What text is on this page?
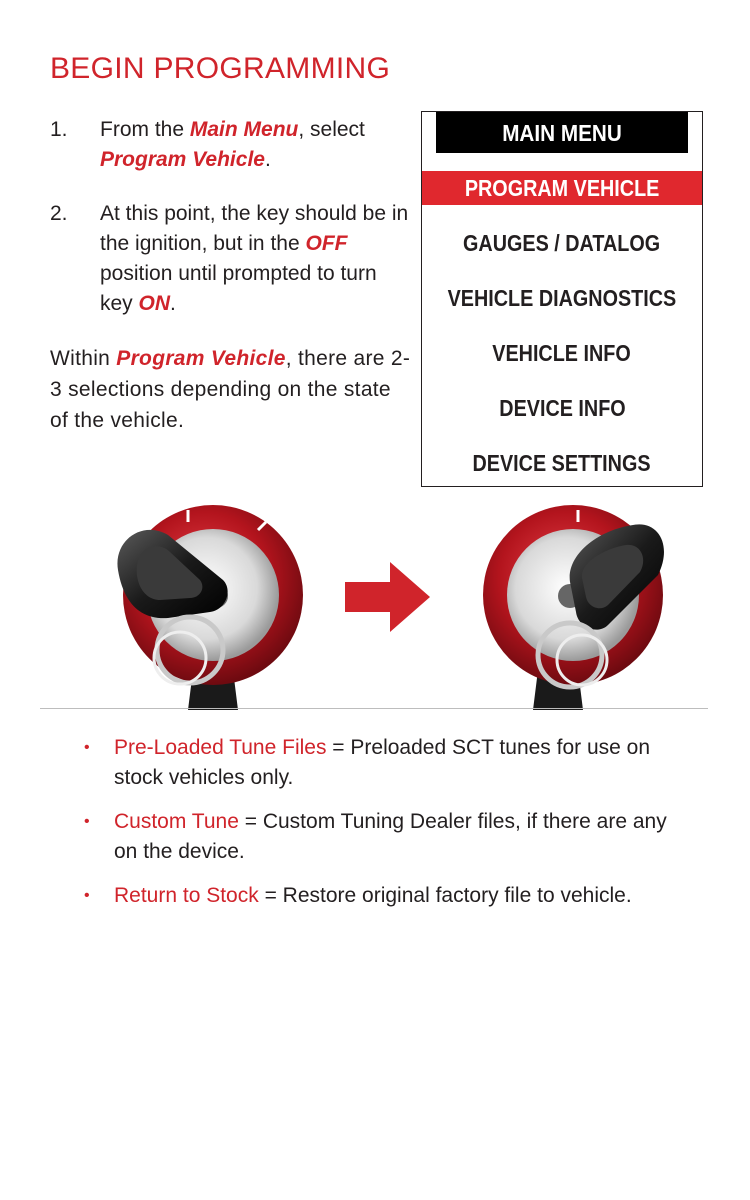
BEGIN PROGRAMMING
1. From the Main Menu, select Program Vehicle.
2. At this point, the key should be in the ignition, but in the OFF position until prompted to turn key ON.
Within Program Vehicle, there are 2-3 selections depending on the state of the vehicle.
MAIN MENU
PROGRAM VEHICLE
GAUGES / DATALOG
VEHICLE DIAGNOSTICS
VEHICLE INFO
DEVICE INFO
DEVICE SETTINGS
• Pre-Loaded Tune Files = Preloaded SCT tunes for use on stock vehicles only.
• Custom Tune = Custom Tuning Dealer files, if there are any on the device.
• Return to Stock = Restore original factory file to vehicle.
